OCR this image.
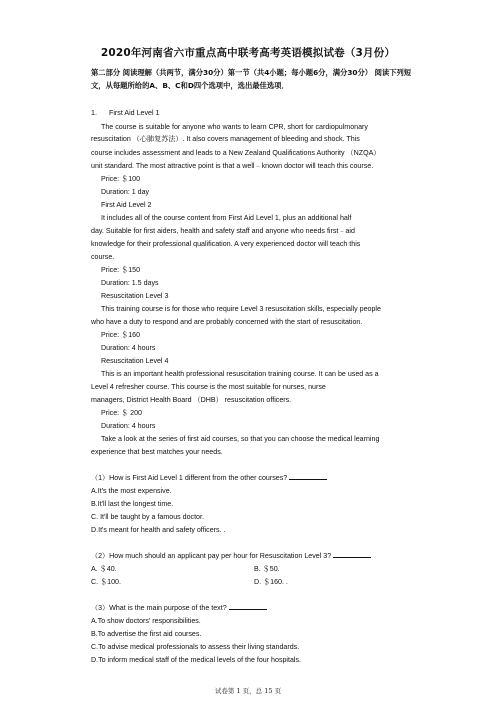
2020年河南省六市重点高中联考高考英语模拟试卷（3月份）
第二部分 阅读理解（共两节，满分30分）第一节（共4小题；每小题6分，满分30分） 阅读下列短文，从每题所给的A、B、C和D四个选项中，选出最佳选项．
1. First Aid Level 1
The course is suitable for anyone who wants to learn CPR, short for cardiopulmonary
resuscitation （心肺复苏法）. It also covers management of bleeding and shock. This
course includes assessment and leads to a New Zealand Qualifications Authority （NZQA）
unit standard. The most attractive point is that a well﹣known doctor will teach this course.
Price: ＄100
Duration: 1 day
First Aid Level 2
It includes all of the course content from First Aid Level 1, plus an additional half
day. Suitable for first aiders, health and safety staff and anyone who needs first﹣aid
knowledge for their professional qualification. A very experienced doctor will teach this
course.
Price: ＄150
Duration: 1.5 days
Resuscitation Level 3
This training course is for those who require Level 3 resuscitation skills, especially people
who have a duty to respond and are probably concerned with the start of resuscitation.
Price: ＄160
Duration: 4 hours
Resuscitation Level 4
This is an important health professional resuscitation training course. It can be used as a
Level 4 refresher course. This course is the most suitable for nurses, nurse
managers, District Health Board （DHB） resuscitation officers.
Price: ＄ 200
Duration: 4 hours
Take a look at the series of first aid courses, so that you can choose the medical learning
experience that best matches your needs.
（1）How is First Aid Level 1 different from the other courses?
A.It's the most expensive.
B.It'll last the longest time.
C. It'll be taught by a famous doctor.
D.It's meant for health and safety officers. .
（2）How much should an applicant pay per hour for Resuscitation Level 3?
A. ＄40.	B. ＄50.
C. ＄100.	D. ＄160. .
（3）What is the main purpose of the text?
A.To show doctors' responsibilities.
B.To advertise the first aid courses.
C.To advise medical professionals to assess their living standards.
D.To inform medical staff of the medical levels of the four hospitals.
试卷第 1 页，总 15 页
